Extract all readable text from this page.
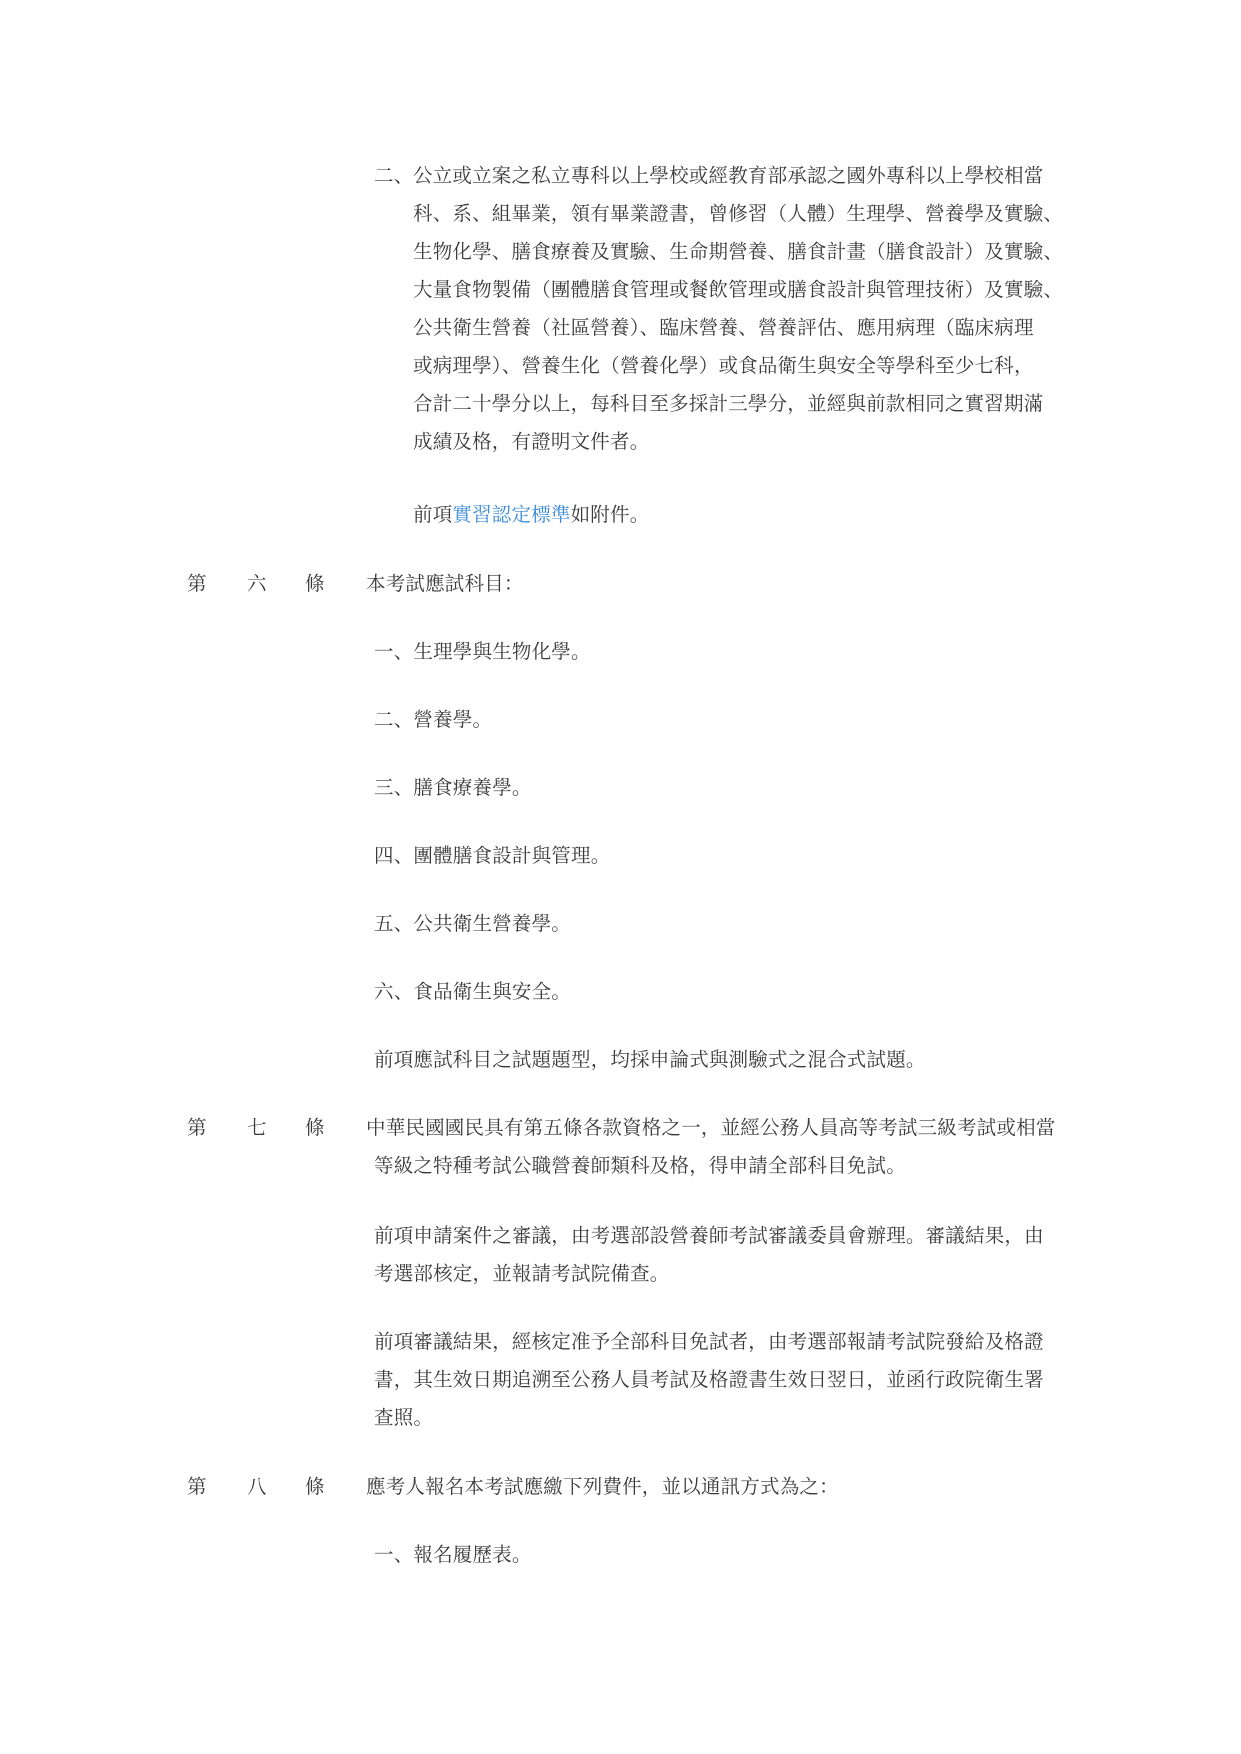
二、 公立或立案之私立專科以上學校或經教育部承認之國外專科以上學校相當
科、系、組畢業，領有畢業證書，曾修習（人體）生理學、營養學及實驗、
生物化學、膳食療養及實驗、生命期營養、膳食計畫（膳食設計）及實驗、
大量食物製備（團體膳食管理或餐飲管理或膳食設計與管理技術）及實驗、
公共衛生營養（社區營養）、臨床營養、營養評估、應用病理（臨床病理
或病理學）、營養生化（營養化學）或食品衛生與安全等學科至少七科，
合計二十學分以上，每科目至多採計三學分，並經與前款相同之實習期滿
成績及格，有證明文件者。
前項實習認定標準如附件。
第 六 條 本考試應試科目：
一、生理學與生物化學。
二、營養學。
三、膳食療養學。
四、團體膳食設計與管理。
五、公共衛生營養學。
六、食品衛生與安全。
前項應試科目之試題題型，均採申論式與測驗式之混合式試題。
第 七 條 中華民國國民具有第五條各款資格之一，並經公務人員高等考試三級考試或相當
等級之特種考試公職營養師類科及格，得申請全部科目免試。
前項申請案件之審議，由考選部設營養師考試審議委員會辦理。審議結果，由
考選部核定，並報請考試院備查。
前項審議結果，經核定准予全部科目免試者，由考選部報請考試院發給及格證
書，其生效日期追溯至公務人員考試及格證書生效日翌日，並函行政院衛生署
查照。
第 八 條 應考人報名本考試應繳下列費件，並以通訊方式為之：
一、報名履歷表。
